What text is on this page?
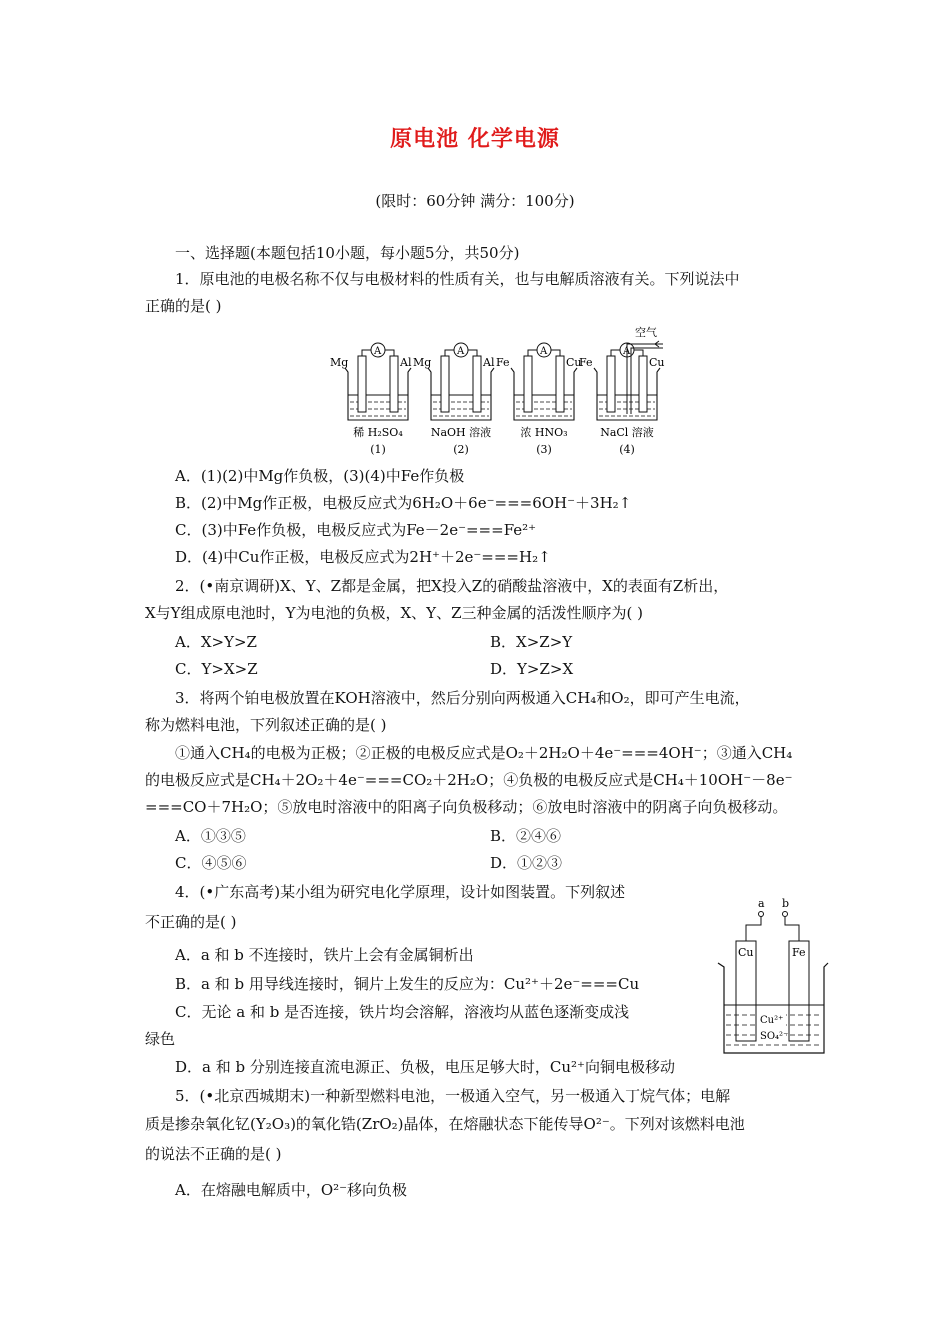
原电池 化学电源
(限时：60分钟 满分：100分)
一、选择题(本题包括10小题，每小题5分，共50分)
1．原电池的电极名称不仅与电极材料的性质有关，也与电解质溶液有关。下列说法中
正确的是( )
A
Mg	Al
稀 H₂SO₄
(1)
A
Mg	Al
NaOH 溶液
(2)
A
Fe	Cu
浓 HNO₃
(3)
A
Fe	Cu
NaCl 溶液
(4)
空气
A．(1)(2)中Mg作负极，(3)(4)中Fe作负极
B．(2)中Mg作正极，电极反应式为6H₂O＋6e⁻===6OH⁻＋3H₂↑
C．(3)中Fe作负极，电极反应式为Fe－2e⁻===Fe²⁺
D．(4)中Cu作正极，电极反应式为2H⁺＋2e⁻===H₂↑
2．(•南京调研)X、Y、Z都是金属，把X投入Z的硝酸盐溶液中，X的表面有Z析出，
X与Y组成原电池时，Y为电池的负极，X、Y、Z三种金属的活泼性顺序为( )
A．X>Y>Z	B．X>Z>Y
C．Y>X>Z	D．Y>Z>X
3．将两个铂电极放置在KOH溶液中，然后分别向两极通入CH₄和O₂，即可产生电流，
称为燃料电池，下列叙述正确的是( )
①通入CH₄的电极为正极；②正极的电极反应式是O₂＋2H₂O＋4e⁻===4OH⁻；③通入CH₄
的电极反应式是CH₄＋2O₂＋4e⁻===CO₂＋2H₂O；④负极的电极反应式是CH₄＋10OH⁻－8e⁻
===CO＋7H₂O；⑤放电时溶液中的阳离子向负极移动；⑥放电时溶液中的阴离子向负极移动。
A．①③⑤	B．②④⑥
C．④⑤⑥	D．①②③
4．(•广东高考)某小组为研究电化学原理，设计如图装置。下列叙述
不正确的是( )
A．a 和 b 不连接时，铁片上会有金属铜析出
B．a 和 b 用导线连接时，铜片上发生的反应为：Cu²⁺＋2e⁻===Cu
C．无论 a 和 b 是否连接，铁片均会溶解，溶液均从蓝色逐渐变成浅
绿色
D．a 和 b 分别连接直流电源正、负极，电压足够大时，Cu²⁺向铜电极移动
a b
Cu	Fe
Cu²⁺
SO₄²⁻
5．(•北京西城期末)一种新型燃料电池，一极通入空气，另一极通入丁烷气体；电解
质是掺杂氧化钇(Y₂O₃)的氧化锆(ZrO₂)晶体，在熔融状态下能传导O²⁻。下列对该燃料电池
的说法不正确的是( )
A．在熔融电解质中，O²⁻移向负极
